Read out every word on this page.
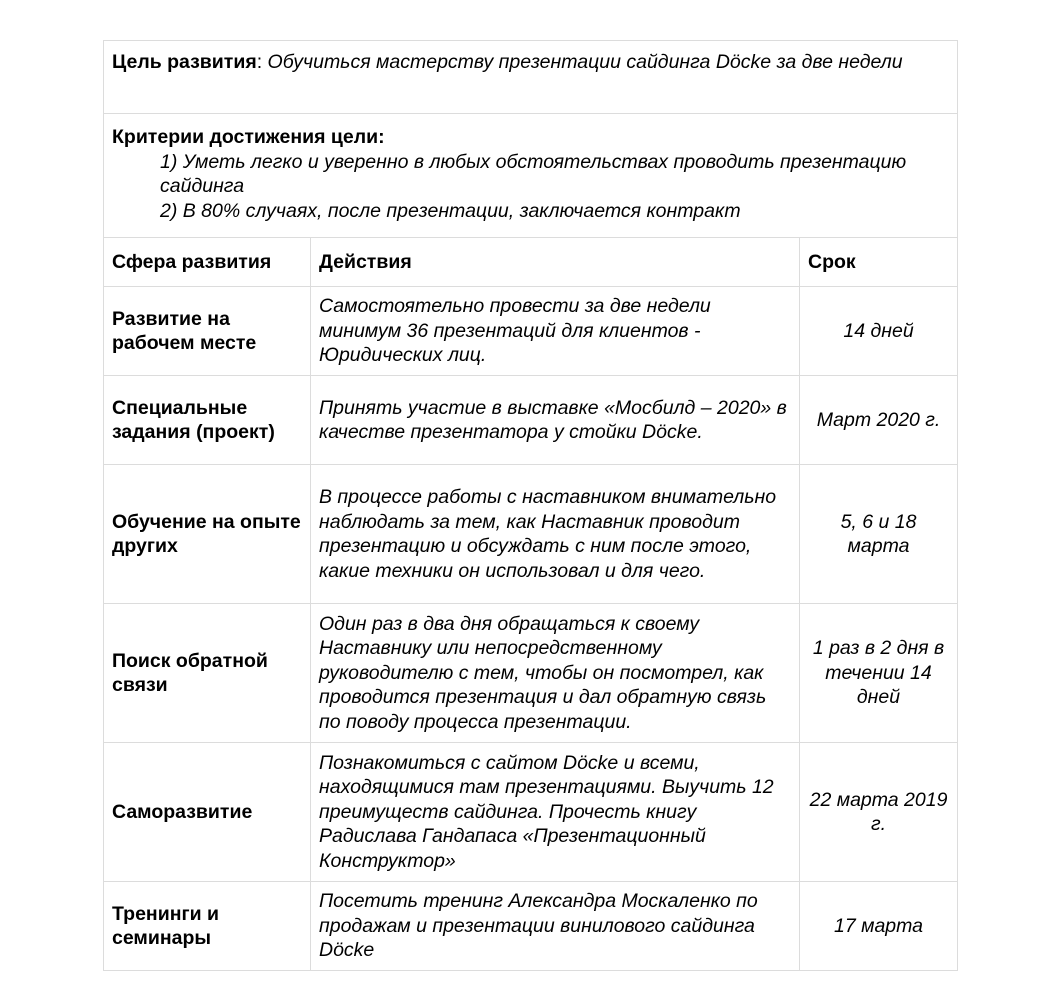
Цель развития: Обучиться мастерству презентации сайдинга Döcke за две недели		

Критерии достижения цели:
1) Уметь легко и уверенно в любых обстоятельствах проводить презентацию сайдинга
2) В 80% случаях, после презентации, заключается контракт		

Сфера развития	Действия	Срок
Развитие на рабочем месте	Самостоятельно провести за две недели минимум 36 презентаций для клиентов - Юридических лиц.	14 дней
Специальные задания (проект)	Принять участие в выставке «Мосбилд – 2020» в качестве презентатора у стойки Döcke.	Март 2020 г.
Обучение на опыте других	В процессе работы с наставником внимательно наблюдать за тем, как Наставник проводит презентацию и обсуждать с ним после этого, какие техники он использовал и для чего.	5, 6 и 18 марта
Поиск обратной связи	Один раз в два дня обращаться к своему Наставнику или непосредственному руководителю с тем, чтобы он посмотрел, как проводится презентация и дал обратную связь по поводу процесса презентации.	1 раз в 2 дня в течении 14 дней
Саморазвитие	Познакомиться с сайтом Döcke и всеми, находящимися там презентациями. Выучить 12 преимуществ сайдинга. Прочесть книгу Радислава Гандапаса «Презентационный Конструктор»	22 марта 2019 г.
Тренинги и семинары	Посетить тренинг Александра Москаленко по продажам и презентации винилового сайдинга Döcke	17 марта
